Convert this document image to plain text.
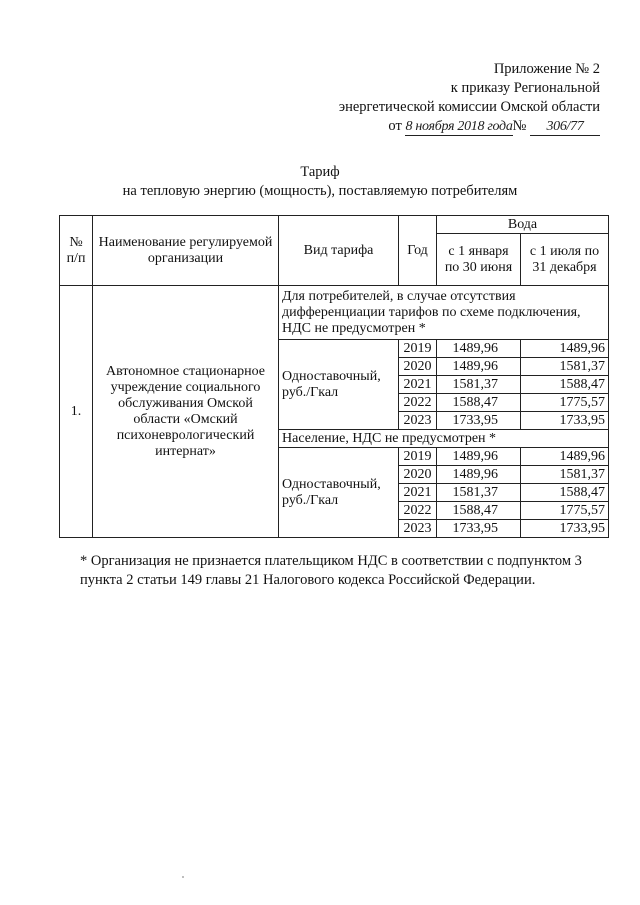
Приложение № 2
к приказу Региональной
энергетической комиссии Омской области
от 8 ноября 2018 года№ 306/77
Тариф
на тепловую энергию (мощность), поставляемую потребителям
№ п/п	Наименование регулируемой организации	Вид тарифа	Год	Вода	
				с 1 января по 30 июня	с 1 июля по 31 декабря
1.	Автономное стационарное учреждение социального обслуживания Омской области «Омский психоневрологический интернат»	Для потребителей, в случае отсутствия дифференциации тарифов по схеме подключения, НДС не предусмотрен *			
		Одноставочный, руб./Гкал	2019	1489,96	1489,96
			2020	1489,96	1581,37
			2021	1581,37	1588,47
			2022	1588,47	1775,57
			2023	1733,95	1733,95
		Население, НДС не предусмотрен *			
		Одноставочный, руб./Гкал	2019	1489,96	1489,96
			2020	1489,96	1581,37
			2021	1581,37	1588,47
			2022	1588,47	1775,57
			2023	1733,95	1733,95
* Организация не признается плательщиком НДС в соответствии с подпунктом 3 пункта 2 статьи 149 главы 21 Налогового кодекса Российской Федерации.
